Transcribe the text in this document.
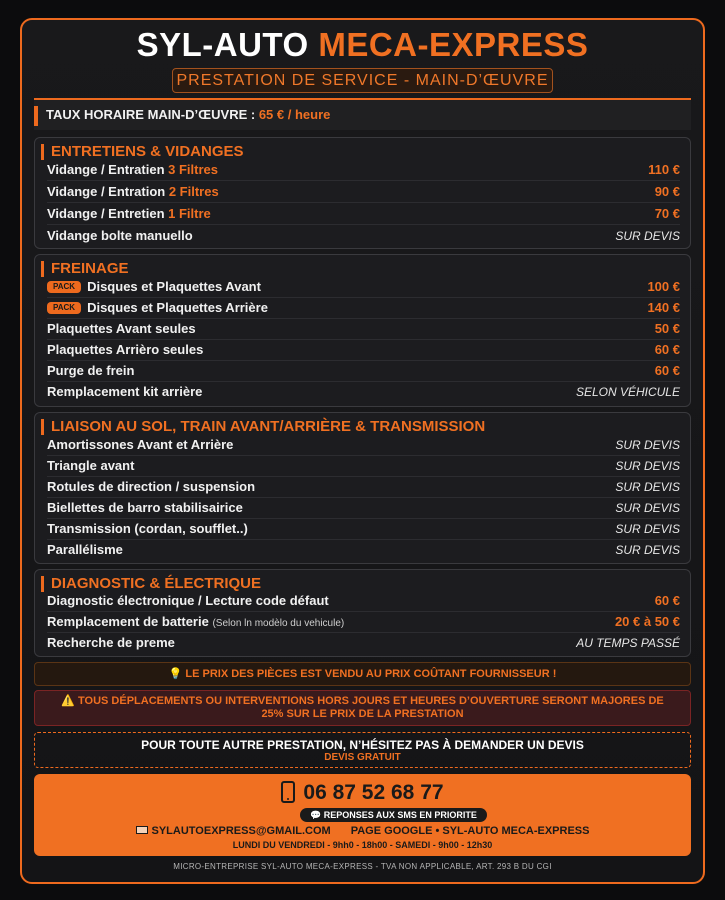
SYL-AUTO MECA-EXPRESS
PRESTATION DE SERVICE - MAIN-D’ŒUVRE
TAUX HORAIRE MAIN-D’ŒUVRE : 65 € / heure
ENTRETIENS & VIDANGES
Vidange / Entratien 3 Filtres	110 €
Vidange / Entration 2 Filtres	90 €
Vidange / Entretien 1 Filtre	70 €
Vidange bolte manuello	SUR DEVIS
FREINAGE
PACK Disques et Plaquettes Avant	100 €
PACK Disques et Plaquettes Arrière	140 €
Plaquettes Avant seules	50 €
Plaquettes Arrièro seules	60 €
Purge de frein	60 €
Remplacement kit arrière	SELON VÉHICULE
LIAISON AU SOL, TRAIN AVANT/ARRIÈRE & TRANSMISSION
Amortissones Avant et Arrière	SUR DEVIS
Triangle avant	SUR DEVIS
Rotules de direction / suspension	SUR DEVIS
Biellettes de barro stabilisairice	SUR DEVIS
Transmission (cordan, soufflet..)	SUR DEVIS
Parallélisme	SUR DEVIS
DIAGNOSTIC & ÉLECTRIQUE
Diagnostic électronique / Lecture code défaut	60 €
Remplacement de batterie (Selon ln modèlo du vehicule)	20 € à 50 €
Recherche de preme	AU TEMPS PASSÉ
💡 LE PRIX DES PIÈCES EST VENDU AU PRIX COÛTANT FOURNISSEUR !
⚠️ TOUS DÉPLACEMENTS OU INTERVENTIONS HORS JOURS ET HEURES D’OUVERTURE SERONT MAJORES DE 25% SUR LE PRIX DE LA PRESTATION
POUR TOUTE AUTRE PRESTATION, N’HÉSITEZ PAS À DEMANDER UN DEVIS
DEVIS GRATUIT
06 87 52 68 77
💬 REPONSES AUX SMS EN PRIORITE
SYLAUTOEXPRESS@GMAIL.COM PAGE GOOGLE • SYL-AUTO MECA-EXPRESS
LUNDI DU VENDREDI - 9hh0 - 18h00 - SAMEDI - 9h00 - 12h30
MICRO-ENTREPRISE SYL-AUTO MECA-EXPRESS - TVA NON APPLICABLE, ART. 293 B DU CGI
